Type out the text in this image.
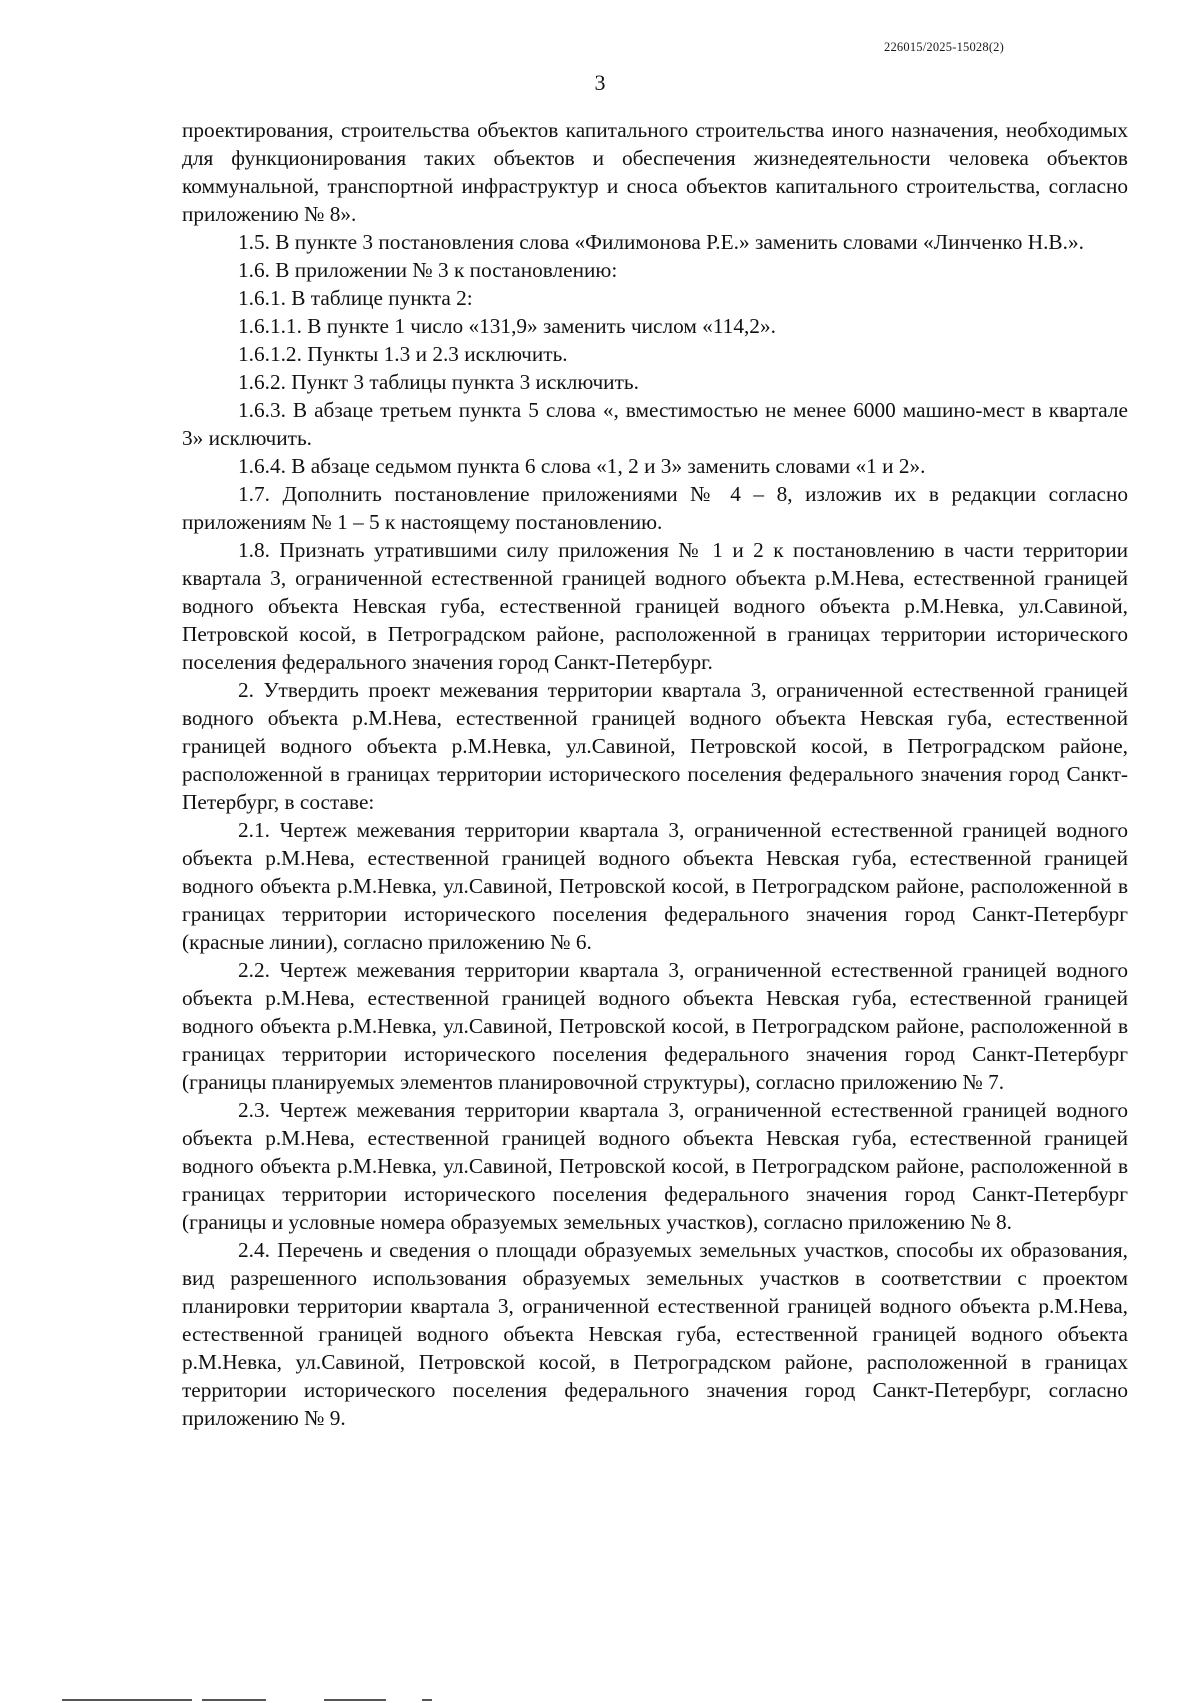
226015/2025-15028(2)
3

проектирования, строительства объектов капитального строительства иного назначения, необходимых для функционирования таких объектов и обеспечения жизнедеятельности человека объектов коммунальной, транспортной инфраструктур и сноса объектов капитального строительства, согласно приложению № 8».

1.5. В пункте 3 постановления слова «Филимонова Р.Е.» заменить словами «Линченко Н.В.».

1.6. В приложении № 3 к постановлению:

1.6.1. В таблице пункта 2:

1.6.1.1. В пункте 1 число «131,9» заменить числом «114,2».

1.6.1.2. Пункты 1.3 и 2.3 исключить.

1.6.2. Пункт 3 таблицы пункта 3 исключить.

1.6.3. В абзаце третьем пункта 5 слова «, вместимостью не менее 6000 машино-мест в квартале 3» исключить.

1.6.4. В абзаце седьмом пункта 6 слова «1, 2 и 3» заменить словами «1 и 2».

1.7. Дополнить постановление приложениями № 4 – 8, изложив их в редакции согласно приложениям № 1 – 5 к настоящему постановлению.

1.8. Признать утратившими силу приложения № 1 и 2 к постановлению в части территории квартала 3, ограниченной естественной границей водного объекта р.М.Нева, естественной границей водного объекта Невская губа, естественной границей водного объекта р.М.Невка, ул.Савиной, Петровской косой, в Петроградском районе, расположенной в границах территории исторического поселения федерального значения город Санкт-Петербург.

2. Утвердить проект межевания территории квартала 3, ограниченной естественной границей водного объекта р.М.Нева, естественной границей водного объекта Невская губа, естественной границей водного объекта р.М.Невка, ул.Савиной, Петровской косой, в Петроградском районе, расположенной в границах территории исторического поселения федерального значения город Санкт-Петербург, в составе:

2.1. Чертеж межевания территории квартала 3, ограниченной естественной границей водного объекта р.М.Нева, естественной границей водного объекта Невская губа, естественной границей водного объекта р.М.Невка, ул.Савиной, Петровской косой, в Петроградском районе, расположенной в границах территории исторического поселения федерального значения город Санкт-Петербург (красные линии), согласно приложению № 6.

2.2. Чертеж межевания территории квартала 3, ограниченной естественной границей водного объекта р.М.Нева, естественной границей водного объекта Невская губа, естественной границей водного объекта р.М.Невка, ул.Савиной, Петровской косой, в Петроградском районе, расположенной в границах территории исторического поселения федерального значения город Санкт-Петербург (границы планируемых элементов планировочной структуры), согласно приложению № 7.

2.3. Чертеж межевания территории квартала 3, ограниченной естественной границей водного объекта р.М.Нева, естественной границей водного объекта Невская губа, естественной границей водного объекта р.М.Невка, ул.Савиной, Петровской косой, в Петроградском районе, расположенной в границах территории исторического поселения федерального значения город Санкт-Петербург (границы и условные номера образуемых земельных участков), согласно приложению № 8.

2.4. Перечень и сведения о площади образуемых земельных участков, способы их образования, вид разрешенного использования образуемых земельных участков в соответствии с проектом планировки территории квартала 3, ограниченной естественной границей водного объекта р.М.Нева, естественной границей водного объекта Невская губа, естественной границей водного объекта р.М.Невка, ул.Савиной, Петровской косой, в Петроградском районе, расположенной в границах территории исторического поселения федерального значения город Санкт-Петербург, согласно приложению № 9.
